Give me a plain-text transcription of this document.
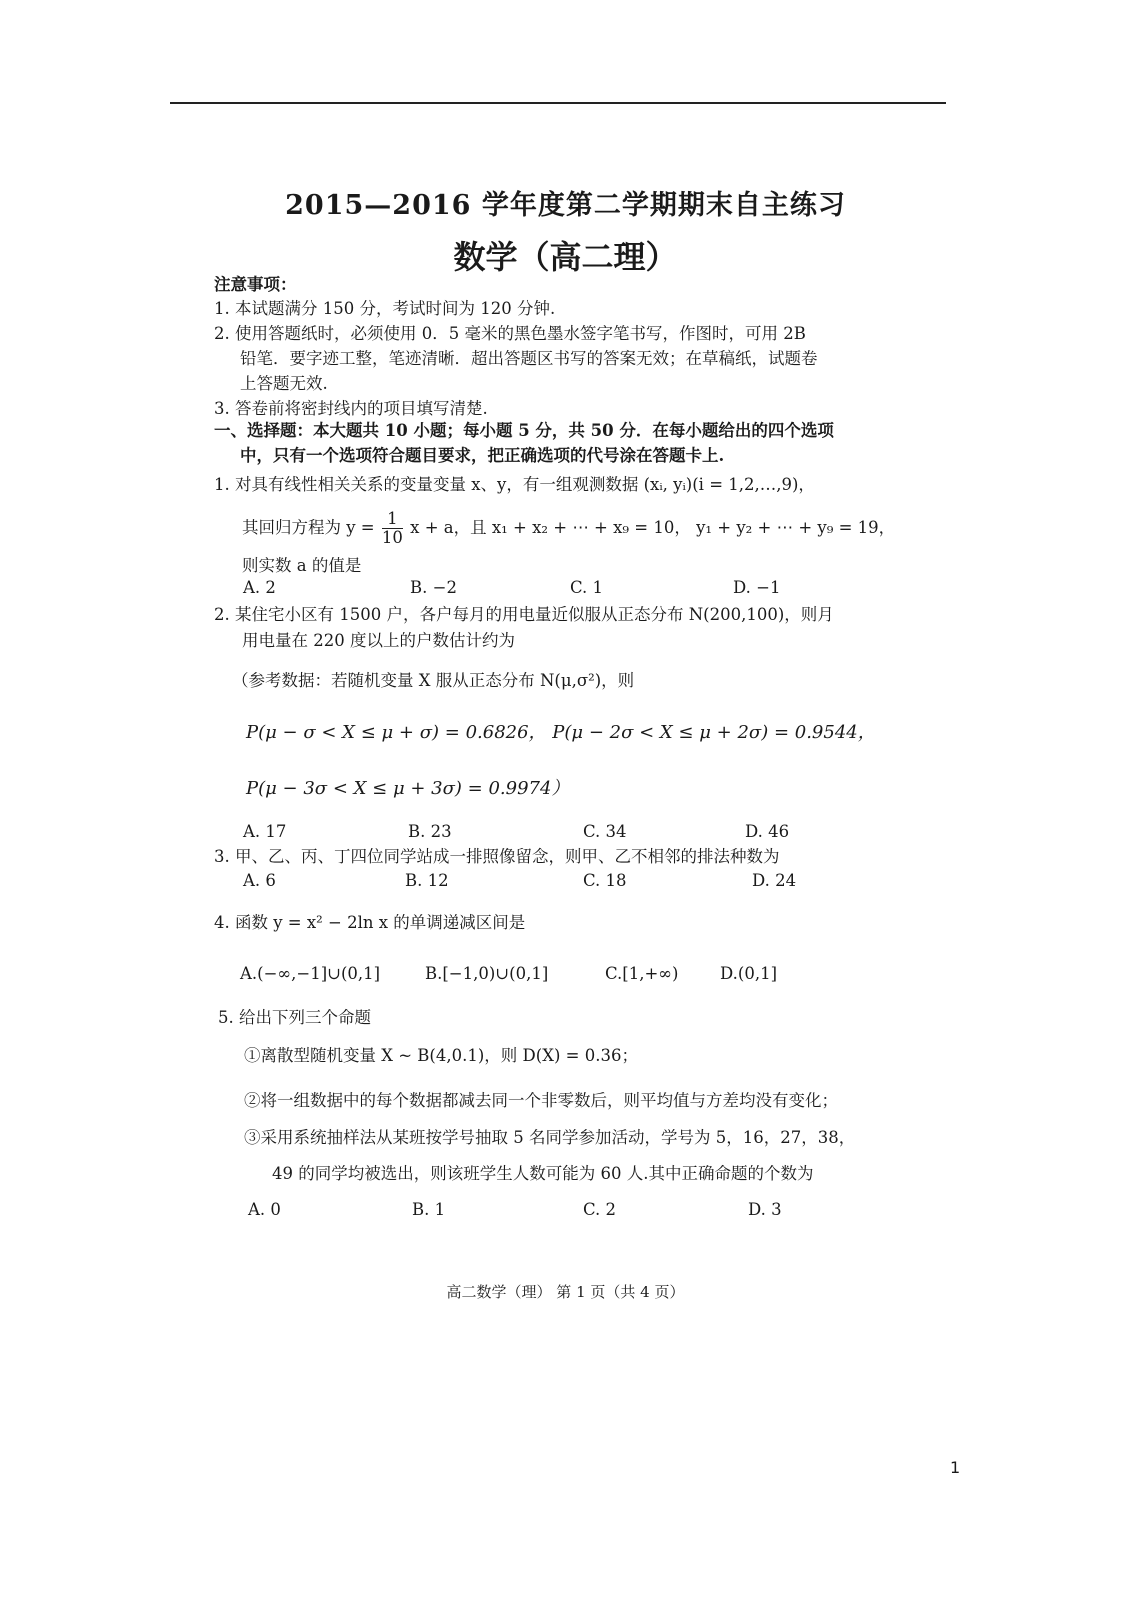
2015—2016 学年度第二学期期末自主练习
数学（高二理）
注意事项：
1. 本试题满分 150 分，考试时间为 120 分钟.
2. 使用答题纸时，必须使用 0．5 毫米的黑色墨水签字笔书写，作图时，可用 2B
铅笔．要字迹工整，笔迹清晰．超出答题区书写的答案无效；在草稿纸，试题卷
上答题无效.
3. 答卷前将密封线内的项目填写清楚.
一、选择题：本大题共 10 小题；每小题 5 分，共 50 分．在每小题给出的四个选项
中，只有一个选项符合题目要求，把正确选项的代号涂在答题卡上.
1. 对具有线性相关关系的变量变量 x、y，有一组观测数据 (xᵢ, yᵢ)(i = 1,2,…,9)，
其回归方程为 $y = \frac{1}{10}$ x + a，且 x₁ + x₂ + ⋯ + x₉ = 10， y₁ + y₂ + ⋯ + y₉ = 19，
则实数 a 的值是
A. 2	B. −2	C. 1	D. −1
2. 某住宅小区有 1500 户，各户每月的用电量近似服从正态分布 N(200,100)，则月
用电量在 220 度以上的户数估计约为
（参考数据：若随机变量 X 服从正态分布 N(μ,σ²)，则
P(μ − σ < X ≤ μ + σ) = 0.6826， P(μ − 2σ < X ≤ μ + 2σ) = 0.9544，
P(μ − 3σ < X ≤ μ + 3σ) = 0.9974）
A. 17	B. 23	C. 34	D. 46
3. 甲、乙、丙、丁四位同学站成一排照像留念，则甲、乙不相邻的排法种数为
A. 6	B. 12	C. 18	D. 24
4. 函数 y = x² − 2ln x 的单调递减区间是
A.(−∞,−1]∪(0,1]	B.[−1,0)∪(0,1]	C.[1,+∞)	D.(0,1]
5. 给出下列三个命题
①离散型随机变量 X ~ B(4,0.1)，则 D(X) = 0.36；
②将一组数据中的每个数据都减去同一个非零数后，则平均值与方差均没有变化；
③采用系统抽样法从某班按学号抽取 5 名同学参加活动，学号为 5，16，27，38，
49 的同学均被选出，则该班学生人数可能为 60 人.其中正确命题的个数为
A. 0	B. 1	C. 2	D. 3
高二数学（理） 第 1 页（共 4 页）
1
